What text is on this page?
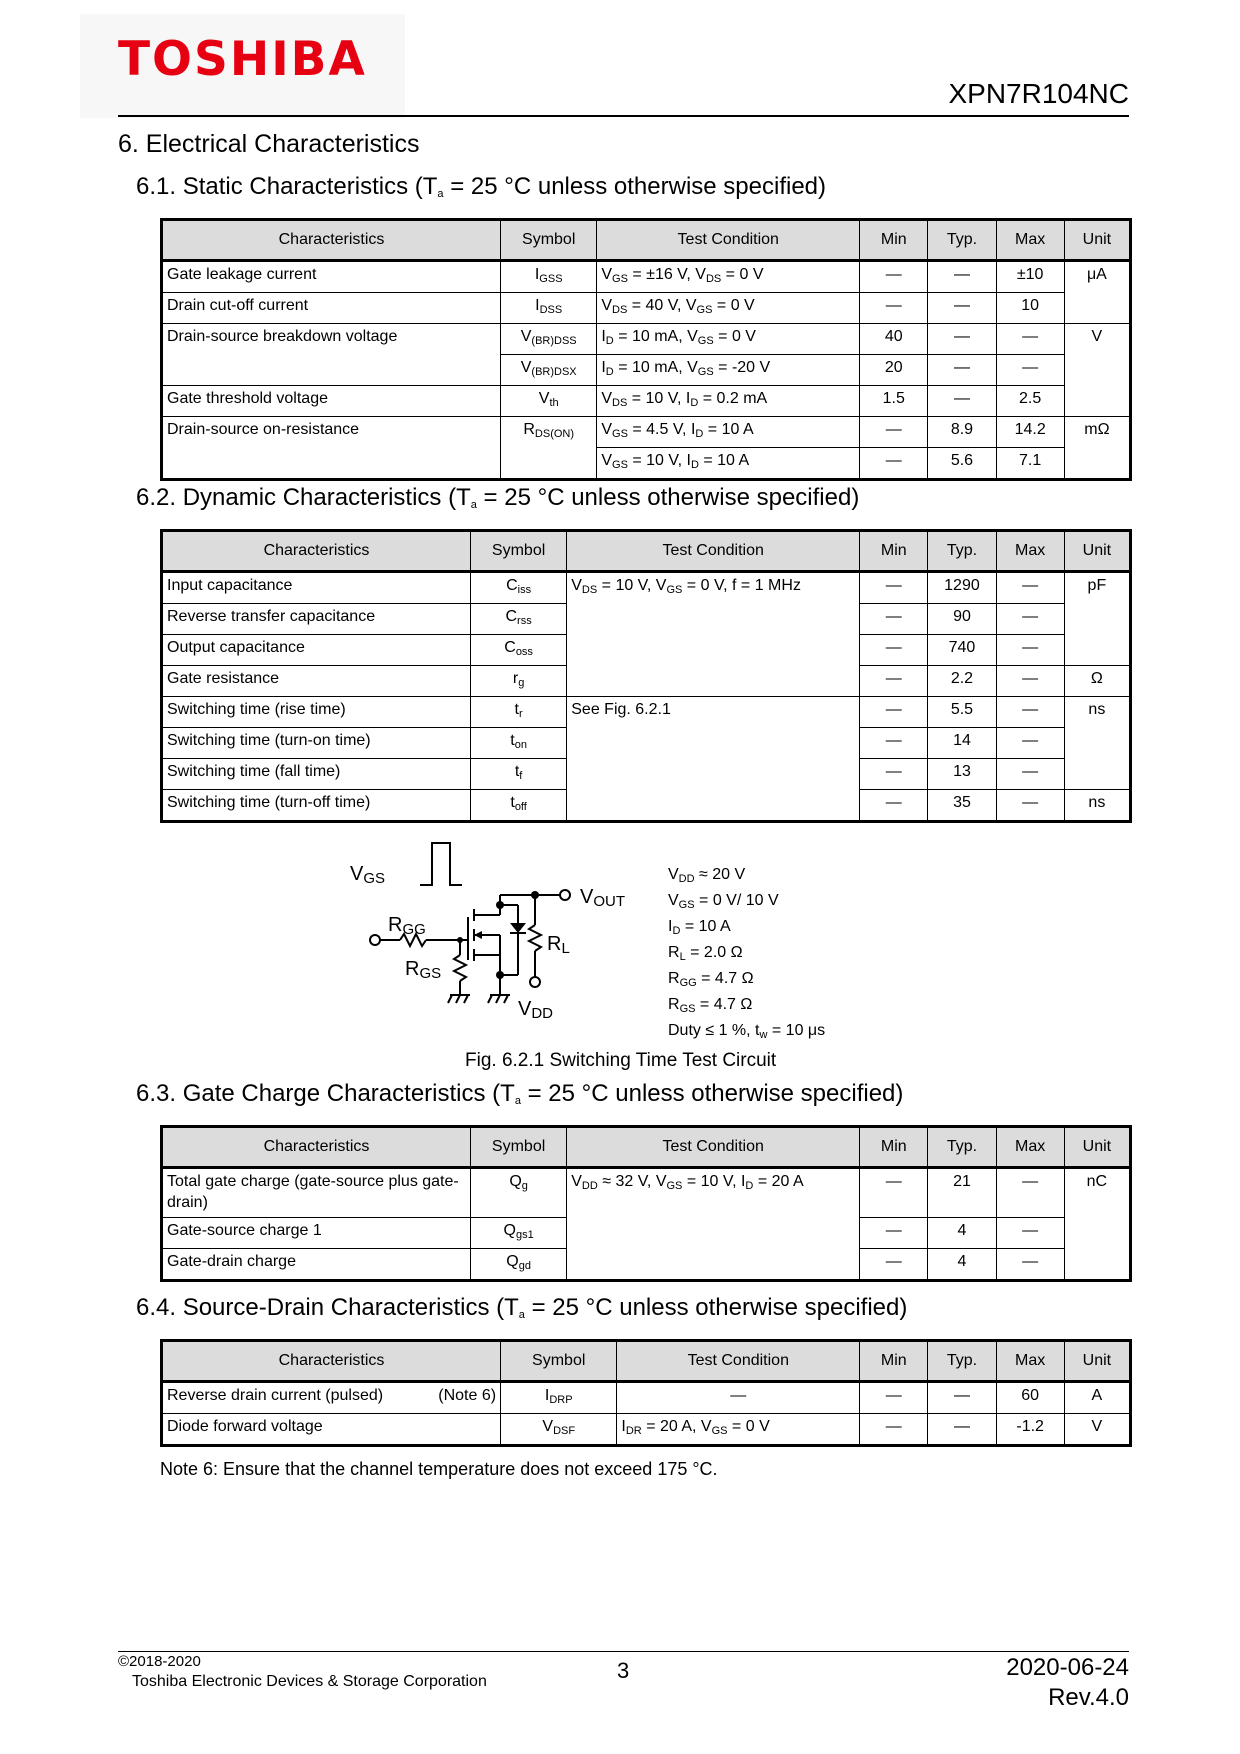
TOSHIBA
XPN7R104NC
6. Electrical Characteristics
6.1. Static Characteristics ($T_a = 25$ °C unless otherwise specified)
Characteristics	Symbol	Test Condition	Min	Typ.	Max	Unit
Gate leakage current	$I_{GSS}$	$V_{GS} = \pm 16$ V, $V_{DS} = 0$ V	—	—	±10	μA
Drain cut-off current	$I_{DSS}$	$V_{DS} = 40$ V, $V_{GS} = 0$ V	—	—	10	
Drain-source breakdown voltage	$V_{(BR)DSS}$	$I_D = 10$ mA, $V_{GS} = 0$ V	40	—	—	V
	$V_{(BR)DSX}$	$I_D = 10$ mA, $V_{GS} = -20$ V	20	—	—	
Gate threshold voltage	$V_{th}$	$V_{DS} = 10$ V, $I_D = 0.2$ mA	1.5	—	2.5	
Drain-source on-resistance	$R_{DS(ON)}$	$V_{GS} = 4.5$ V, $I_D = 10$ A	—	8.9	14.2	mΩ
		$V_{GS} = 10$ V, $I_D = 10$ A	—	5.6	7.1	
6.2. Dynamic Characteristics ($T_a = 25$ °C unless otherwise specified)
Characteristics	Symbol	Test Condition	Min	Typ.	Max	Unit
Input capacitance	$C_{iss}$	$V_{DS} = 10$ V, $V_{GS} = 0$ V, f = 1 MHz	—	1290	—	pF
Reverse transfer capacitance	$C_{rss}$		—	90	—	
Output capacitance	$C_{oss}$		—	740	—	
Gate resistance	$r_g$		—	2.2	—	Ω
Switching time (rise time)	$t_r$	See Fig. 6.2.1	—	5.5	—	ns
Switching time (turn-on time)	$t_{on}$		—	14	—	
Switching time (fall time)	$t_f$		—	13	—	
Switching time (turn-off time)	$t_{off}$		—	35	—	ns
VGS
RGG
RGS
VOUT
RL
VDD
$V_{DD} \approx 20$ V
$V_{GS} = 0$ V/ 10 V
$I_D = 10$ A
$R_L = 2.0$ Ω
$R_{GG} = 4.7$ Ω
$R_{GS} = 4.7$ Ω
Duty ≤ 1 %, $t_w = 10$ μs
Fig. 6.2.1 Switching Time Test Circuit
6.3. Gate Charge Characteristics ($T_a = 25$ °C unless otherwise specified)
Characteristics	Symbol	Test Condition	Min	Typ.	Max	Unit
Total gate charge (gate-source plus gate-drain)	$Q_g$	$V_{DD} \approx 32$ V, $V_{GS} = 10$ V, $I_D = 20$ A	—	21	—	nC
Gate-source charge 1	$Q_{gs1}$		—	4	—	
Gate-drain charge	$Q_{gd}$		—	4	—	
6.4. Source-Drain Characteristics ($T_a = 25$ °C unless otherwise specified)
Characteristics	Symbol	Test Condition	Min	Typ.	Max	Unit
Reverse drain current (pulsed) (Note 6)	$I_{DRP}$	—	—	—	60	A
Diode forward voltage	$V_{DSF}$	$I_{DR} = 20$ A, $V_{GS} = 0$ V	—	—	-1.2	V
Note 6: Ensure that the channel temperature does not exceed 175 °C.
©2018-2020
Toshiba Electronic Devices & Storage Corporation	3	2020-06-24
Rev.4.0
